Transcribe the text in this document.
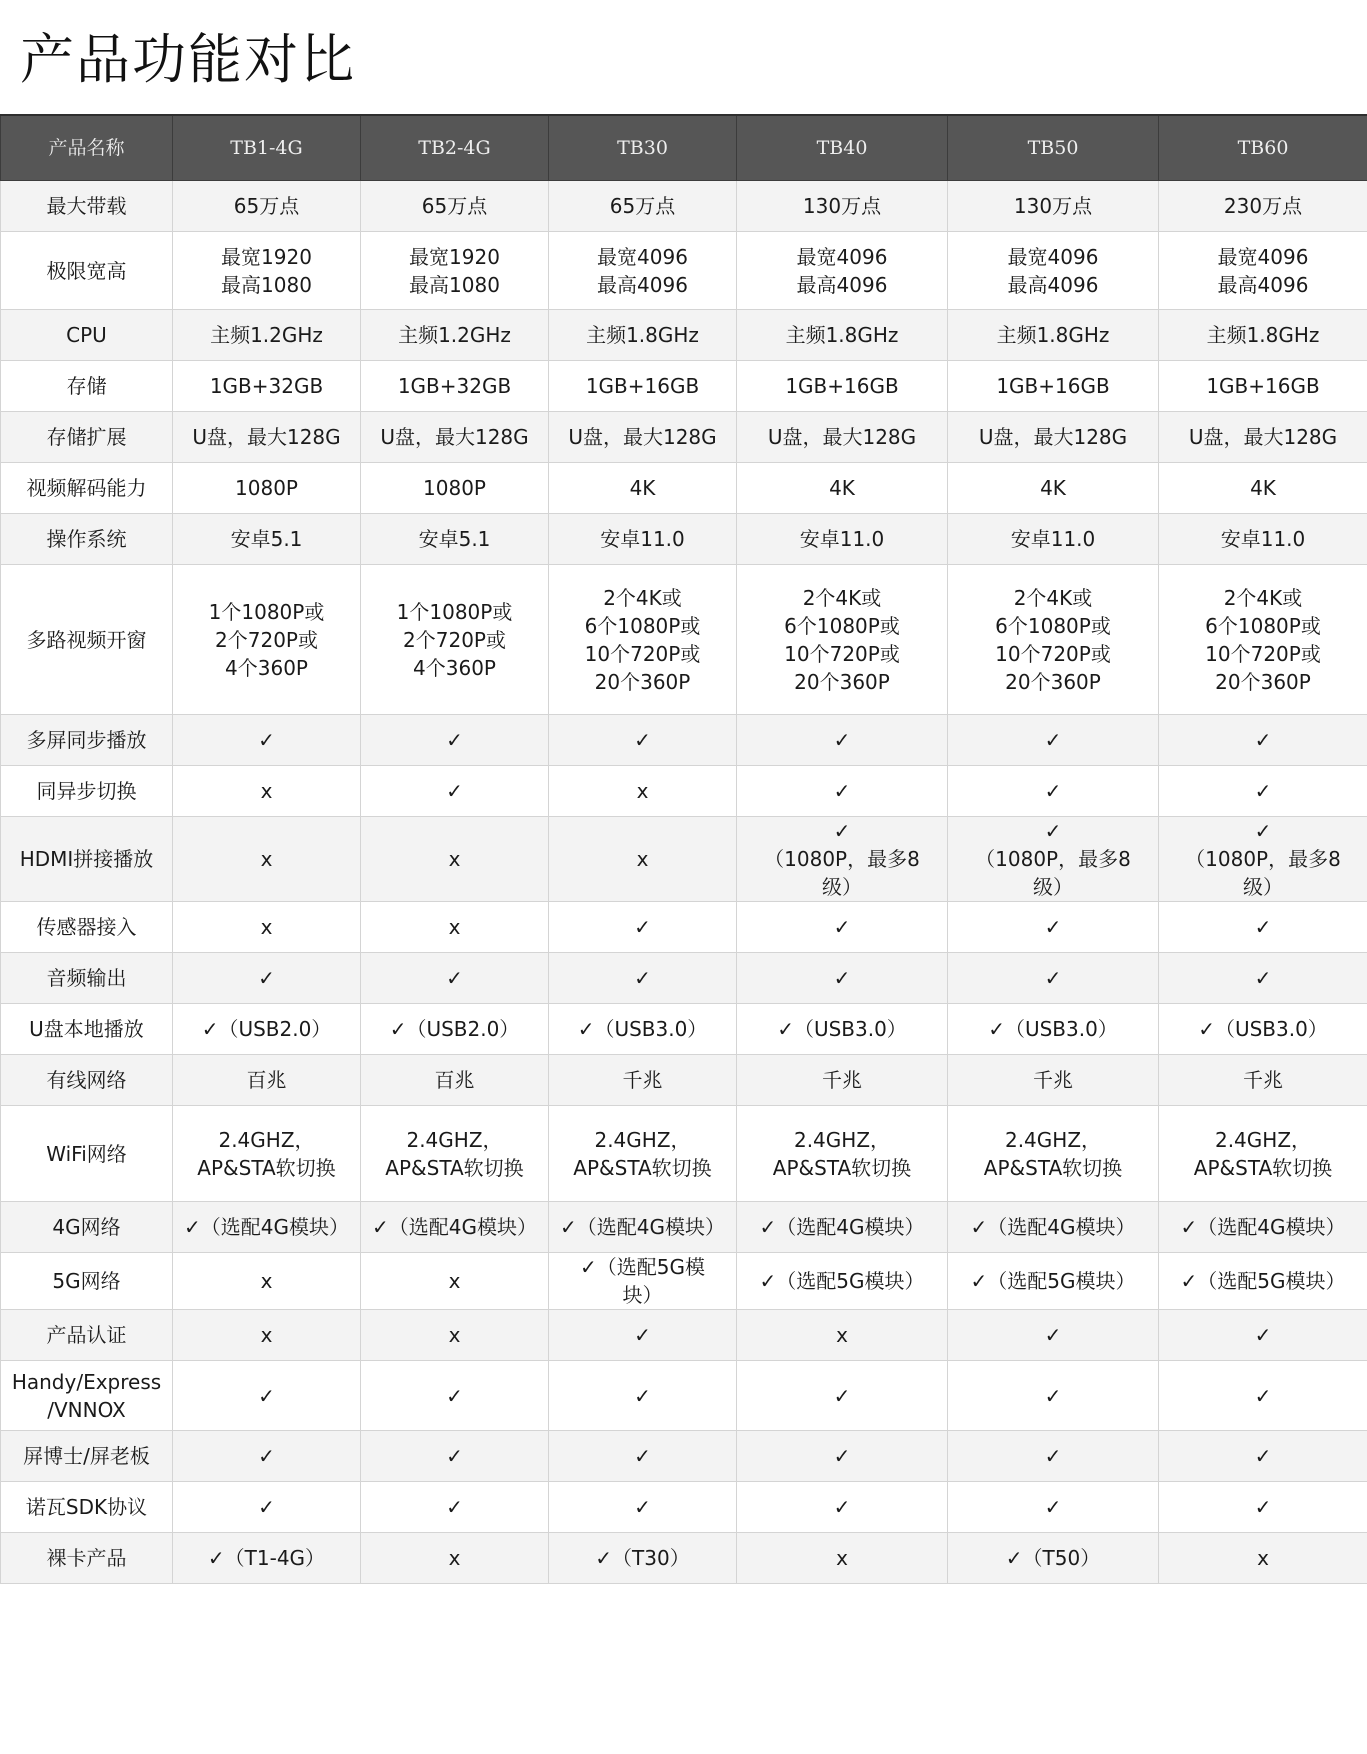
产品功能对比
产品名称	TB1-4G	TB2-4G	TB30	TB40	TB50	TB60

最大带载	65万点	65万点	65万点	130万点	130万点	230万点

极限宽高	最宽1920
最高1080	最宽1920
最高1080	最宽4096
最高4096	最宽4096
最高4096	最宽4096
最高4096	最宽4096
最高4096

CPU	主频1.2GHz	主频1.2GHz	主频1.8GHz	主频1.8GHz	主频1.8GHz	主频1.8GHz

存储	1GB+32GB	1GB+32GB	1GB+16GB	1GB+16GB	1GB+16GB	1GB+16GB

存储扩展	U盘，最大128G	U盘，最大128G	U盘，最大128G	U盘，最大128G	U盘，最大128G	U盘，最大128G

视频解码能力	1080P	1080P	4K	4K	4K	4K

操作系统	安卓5.1	安卓5.1	安卓11.0	安卓11.0	安卓11.0	安卓11.0

多路视频开窗	1个1080P或
2个720P或
4个360P	1个1080P或
2个720P或
4个360P	2个4K或
6个1080P或
10个720P或
20个360P	2个4K或
6个1080P或
10个720P或
20个360P	2个4K或
6个1080P或
10个720P或
20个360P	2个4K或
6个1080P或
10个720P或
20个360P

多屏同步播放	✓	✓	✓	✓	✓	✓

同异步切换	x	✓	x	✓	✓	✓

HDMI拼接播放	x	x	x	✓
（1080P，最多8
级）	✓
（1080P，最多8
级）	✓
（1080P，最多8
级）

传感器接入	x	x	✓	✓	✓	✓

音频输出	✓	✓	✓	✓	✓	✓

U盘本地播放	✓（USB2.0）	✓（USB2.0）	✓（USB3.0）	✓（USB3.0）	✓（USB3.0）	✓（USB3.0）

有线网络	百兆	百兆	千兆	千兆	千兆	千兆

WiFi网络	2.4GHZ，
AP&STA软切换	2.4GHZ，
AP&STA软切换	2.4GHZ，
AP&STA软切换	2.4GHZ，
AP&STA软切换	2.4GHZ，
AP&STA软切换	2.4GHZ，
AP&STA软切换

4G网络	✓（选配4G模块）	✓（选配4G模块）	✓（选配4G模块）	✓（选配4G模块）	✓（选配4G模块）	✓（选配4G模块）

5G网络	x	x	✓（选配5G模
块）	✓（选配5G模块）	✓（选配5G模块）	✓（选配5G模块）

产品认证	x	x	✓	x	✓	✓

Handy/Express
/VNNOX	✓	✓	✓	✓	✓	✓

屏博士/屏老板	✓	✓	✓	✓	✓	✓

诺瓦SDK协议	✓	✓	✓	✓	✓	✓

裸卡产品	✓（T1-4G）	x	✓（T30）	x	✓（T50）	x
